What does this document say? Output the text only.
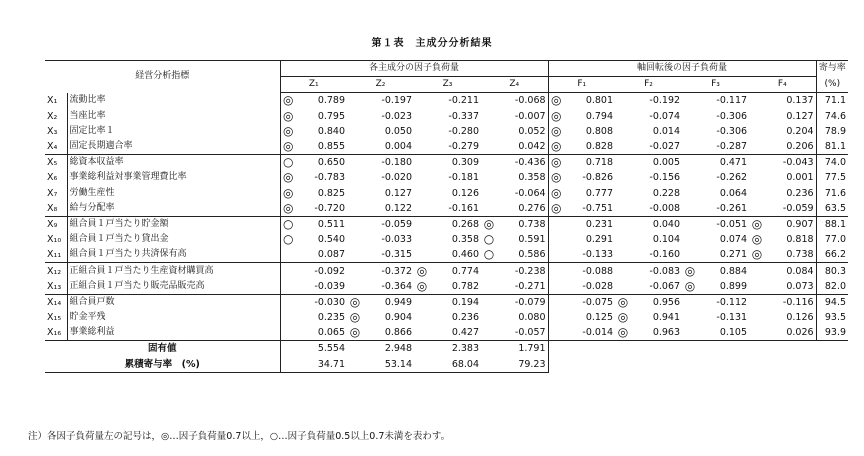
第１表　主成分分析結果
経営分析指標		各主成分の因子負荷量								軸回転後の因子負荷量								寄与率
		Z₁		Z₂		Z₃		Z₄		F₁		F₂		F₃		F₄		(%)
X₁	流動比率	◎	0.789		-0.197		-0.211		-0.068	◎	0.801		-0.192		-0.117		0.137	71.1
X₂	当座比率	◎	0.795		-0.023		-0.337		-0.007	◎	0.794		-0.074		-0.306		0.127	74.6
X₃	固定比率１	◎	0.840		0.050		-0.280		0.052	◎	0.808		0.014		-0.306		0.204	78.9
X₄	固定長期適合率	◎	0.855		0.004		-0.279		0.042	◎	0.828		-0.027		-0.287		0.206	81.1
X₅	総資本収益率	○	0.650		-0.180		0.309		-0.436	◎	0.718		0.005		0.471		-0.043	74.0
X₆	事業総利益対事業管理費比率	◎	-0.783		-0.020		-0.181		0.358	◎	-0.826		-0.156		-0.262		0.001	77.5
X₇	労働生産性	◎	0.825		0.127		0.126		-0.064	◎	0.777		0.228		0.064		0.236	71.6
X₈	給与分配率	◎	-0.720		0.122		-0.161		0.276	◎	-0.751		-0.008		-0.261		-0.059	63.5
X₉	組合員１戸当たり貯金額	○	0.511		-0.059		0.268	◎	0.738		0.231		0.040		-0.051	◎	0.907	88.1
X₁₀	組合員１戸当たり貸出金	○	0.540		-0.033		0.358	○	0.591		0.291		0.104		0.074	◎	0.818	77.0
X₁₁	組合員１戸当たり共済保有高		0.087		-0.315		0.460	○	0.586		-0.133		-0.160		0.271	◎	0.738	66.2
X₁₂	正組合員１戸当たり生産資材購買高		-0.092		-0.372	◎	0.774		-0.238		-0.088		-0.083	◎	0.884		0.084	80.3
X₁₃	正組合員１戸当たり販売品販売高		-0.039		-0.364	◎	0.782		-0.271		-0.028		-0.067	◎	0.899		0.073	82.0
X₁₄	組合員戸数		-0.030	◎	0.949		0.194		-0.079		-0.075	◎	0.956		-0.112		-0.116	94.5
X₁₅	貯金平残		0.235	◎	0.904		0.236		0.080		0.125	◎	0.941		-0.131		0.126	93.5
X₁₆	事業総利益		0.065	◎	0.866		0.427		-0.057		-0.014	◎	0.963		0.105		0.026	93.9
固有値			5.554		2.948		2.383		1.791									
累積寄与率　(%)			34.71		53.14		68.04		79.23									
注）各因子負荷量左の記号は，◎…因子負荷量0.7以上，○…因子負荷量0.5以上0.7未満を表わす。
